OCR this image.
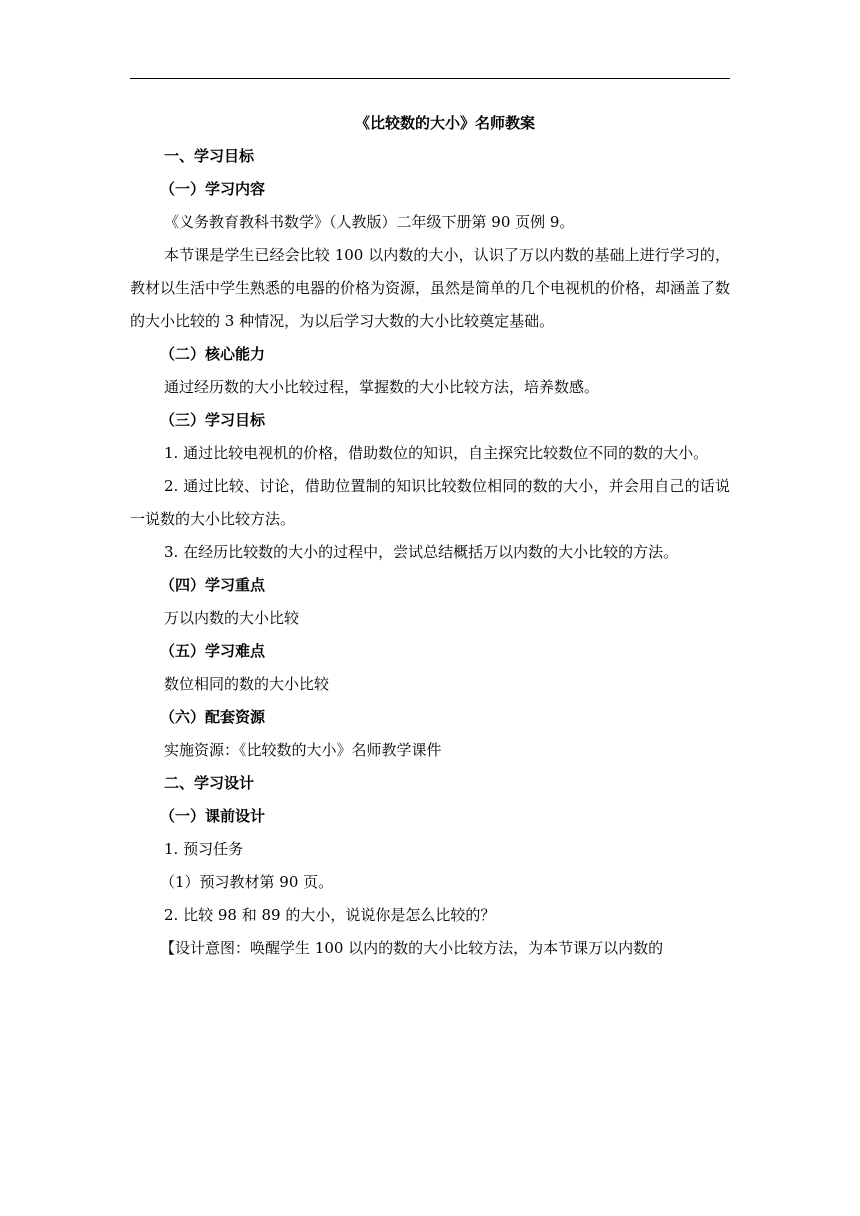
《比较数的大小》名师教案

一、学习目标

（一）学习内容

《义务教育教科书数学》（人教版）二年级下册第 90 页例 9。

本节课是学生已经会比较 100 以内数的大小，认识了万以内数的基础上进行学习的，教材以生活中学生熟悉的电器的价格为资源，虽然是简单的几个电视机的价格，却涵盖了数的大小比较的 3 种情况，为以后学习大数的大小比较奠定基础。

（二）核心能力

通过经历数的大小比较过程，掌握数的大小比较方法，培养数感。

（三）学习目标

1. 通过比较电视机的价格，借助数位的知识，自主探究比较数位不同的数的大小。

2. 通过比较、讨论，借助位置制的知识比较数位相同的数的大小，并会用自己的话说一说数的大小比较方法。

3. 在经历比较数的大小的过程中，尝试总结概括万以内数的大小比较的方法。

（四）学习重点

万以内数的大小比较

（五）学习难点

数位相同的数的大小比较

（六）配套资源

实施资源：《比较数的大小》名师教学课件

二、学习设计

（一）课前设计

1. 预习任务

（1）预习教材第 90 页。

2. 比较 98 和 89 的大小，说说你是怎么比较的？

【设计意图：唤醒学生 100 以内的数的大小比较方法，为本节课万以内数的
